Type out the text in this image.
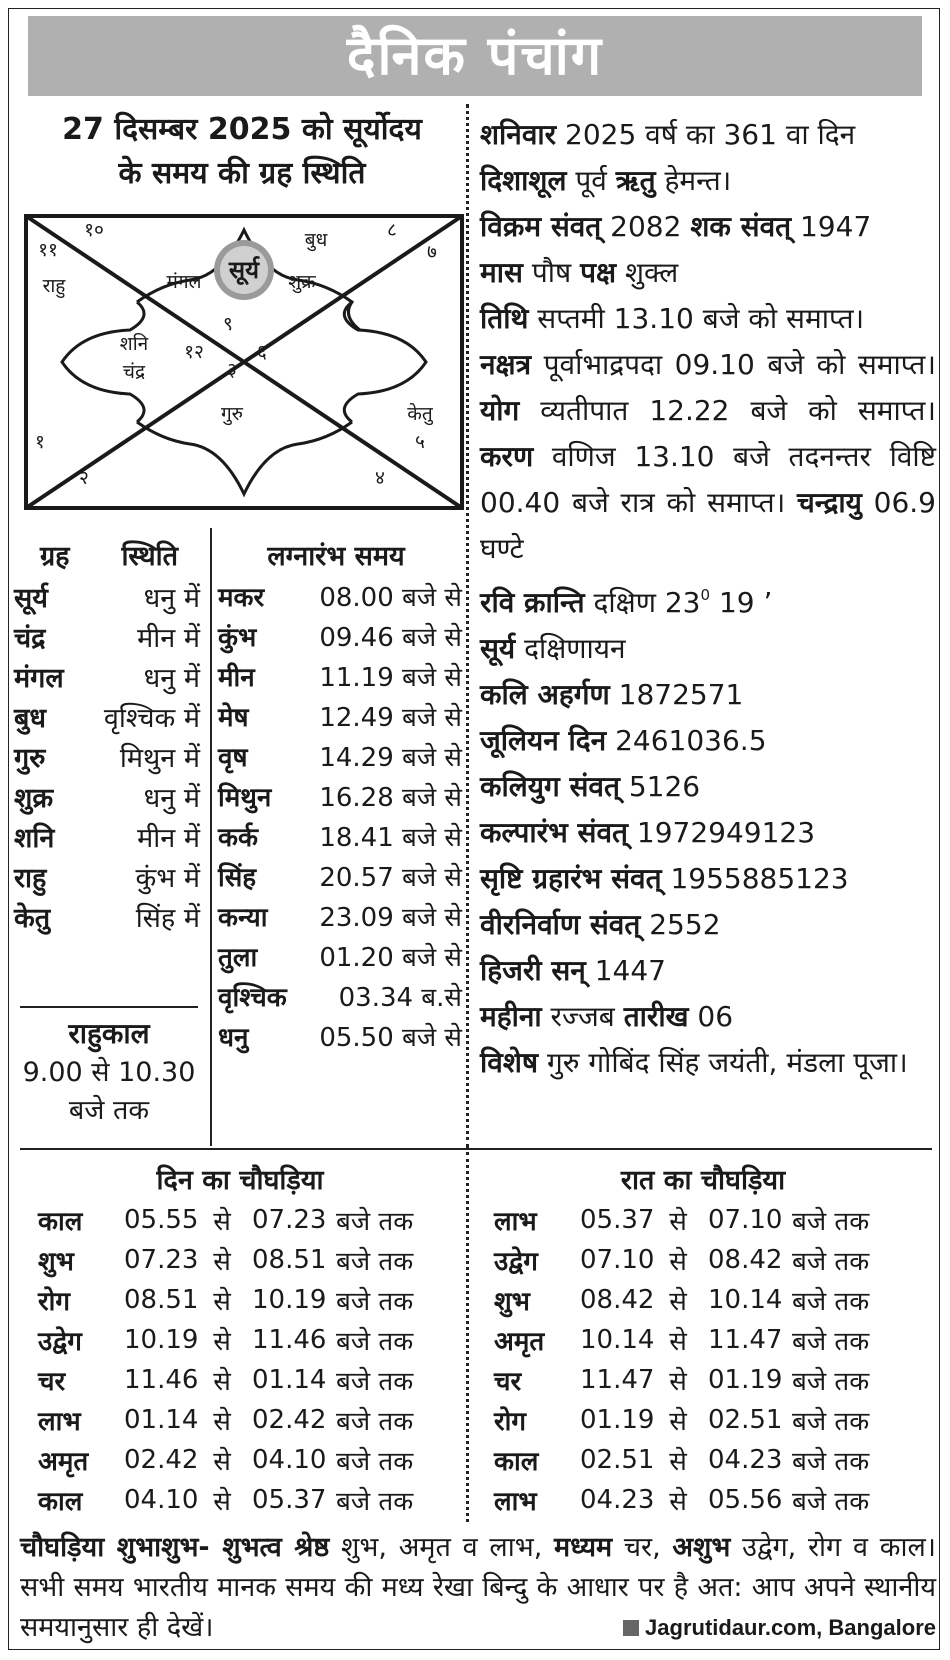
दैनिक पंचांग
27 दिसम्बर 2025 को सूर्योदय
के समय की ग्रह स्थिति
सूर्य
१०	बुध	८
११	७
राहु	मंगल	शुक्र
९
शनि १२	६
चंद्र	३
गुरु	केतु
१	५
२	४
ग्रह स्थिति
सूर्य	धनु में
चंद्र	मीन में
मंगल	धनु में
बुध वृश्चिक में
गुरु	मिथुन में
शुक्र	धनु में
शनि	मीन में
राहु	कुंभ में
केतु	सिंह में
राहुकाल
9.00 से 10.30
बजे तक
लग्नारंभ समय
मकर	08.00 बजे से
कुंभ	09.46 बजे से
मीन	11.19 बजे से
मेष	12.49 बजे से
वृष	14.29 बजे से
मिथुन	16.28 बजे से
कर्क	18.41 बजे से
सिंह	20.57 बजे से
कन्या	23.09 बजे से
तुला	01.20 बजे से
वृश्चिक	03.34 ब.से
धनु	05.50 बजे से
शनिवार 2025 वर्ष का 361 वा दिन
दिशाशूल पूर्व ऋतु हेमन्त।
विक्रम संवत् 2082 शक संवत् 1947
मास पौष पक्ष शुक्ल
तिथि सप्तमी 13.10 बजे को समाप्त।
नक्षत्र पूर्वाभाद्रपदा 09.10 बजे को समाप्त। योग व्यतीपात 12.22 बजे को समाप्त। करण वणिज 13.10 बजे तदनन्तर विष्टि 00.40 बजे रात्र को समाप्त। चन्द्रायु 06.9 घण्टे
रवि क्रान्ति दक्षिण $23^0$ 19 ’
सूर्य दक्षिणायन
कलि अहर्गण 1872571
जूलियन दिन 2461036.5
कलियुग संवत् 5126
कल्पारंभ संवत् 1972949123
सृष्टि ग्रहारंभ संवत् 1955885123
वीरनिर्वाण संवत् 2552
हिजरी सन् 1447
महीना रज्जब तारीख 06
विशेष गुरु गोबिंद सिंह जयंती, मंडला पूजा।
दिन का चौघड़िया	रात का चौघड़िया
काल	05.55 से 07.23 बजे तक
शुभ	07.23 से 08.51 बजे तक
रोग	08.51 से 10.19 बजे तक
उद्वेग	10.19 से 11.46 बजे तक
चर	11.46 से 01.14 बजे तक
लाभ	01.14 से 02.42 बजे तक
अमृत	02.42 से 04.10 बजे तक
काल	04.10 से 05.37 बजे तक
लाभ	05.37 से 07.10 बजे तक
उद्वेग	07.10 से 08.42 बजे तक
शुभ	08.42 से 10.14 बजे तक
अमृत	10.14 से 11.47 बजे तक
चर	11.47 से 01.19 बजे तक
रोग	01.19 से 02.51 बजे तक
काल	02.51 से 04.23 बजे तक
लाभ	04.23 से 05.56 बजे तक
चौघड़िया शुभाशुभ- शुभत्व श्रेष्ठ शुभ, अमृत व लाभ, मध्यम चर, अशुभ उद्वेग, रोग व काल। सभी समय भारतीय मानक समय की मध्य रेखा बिन्दु के आधार पर है अत: आप अपने स्थानीय समयानुसार ही देखें।	Jagrutidaur.com, Bangalore
